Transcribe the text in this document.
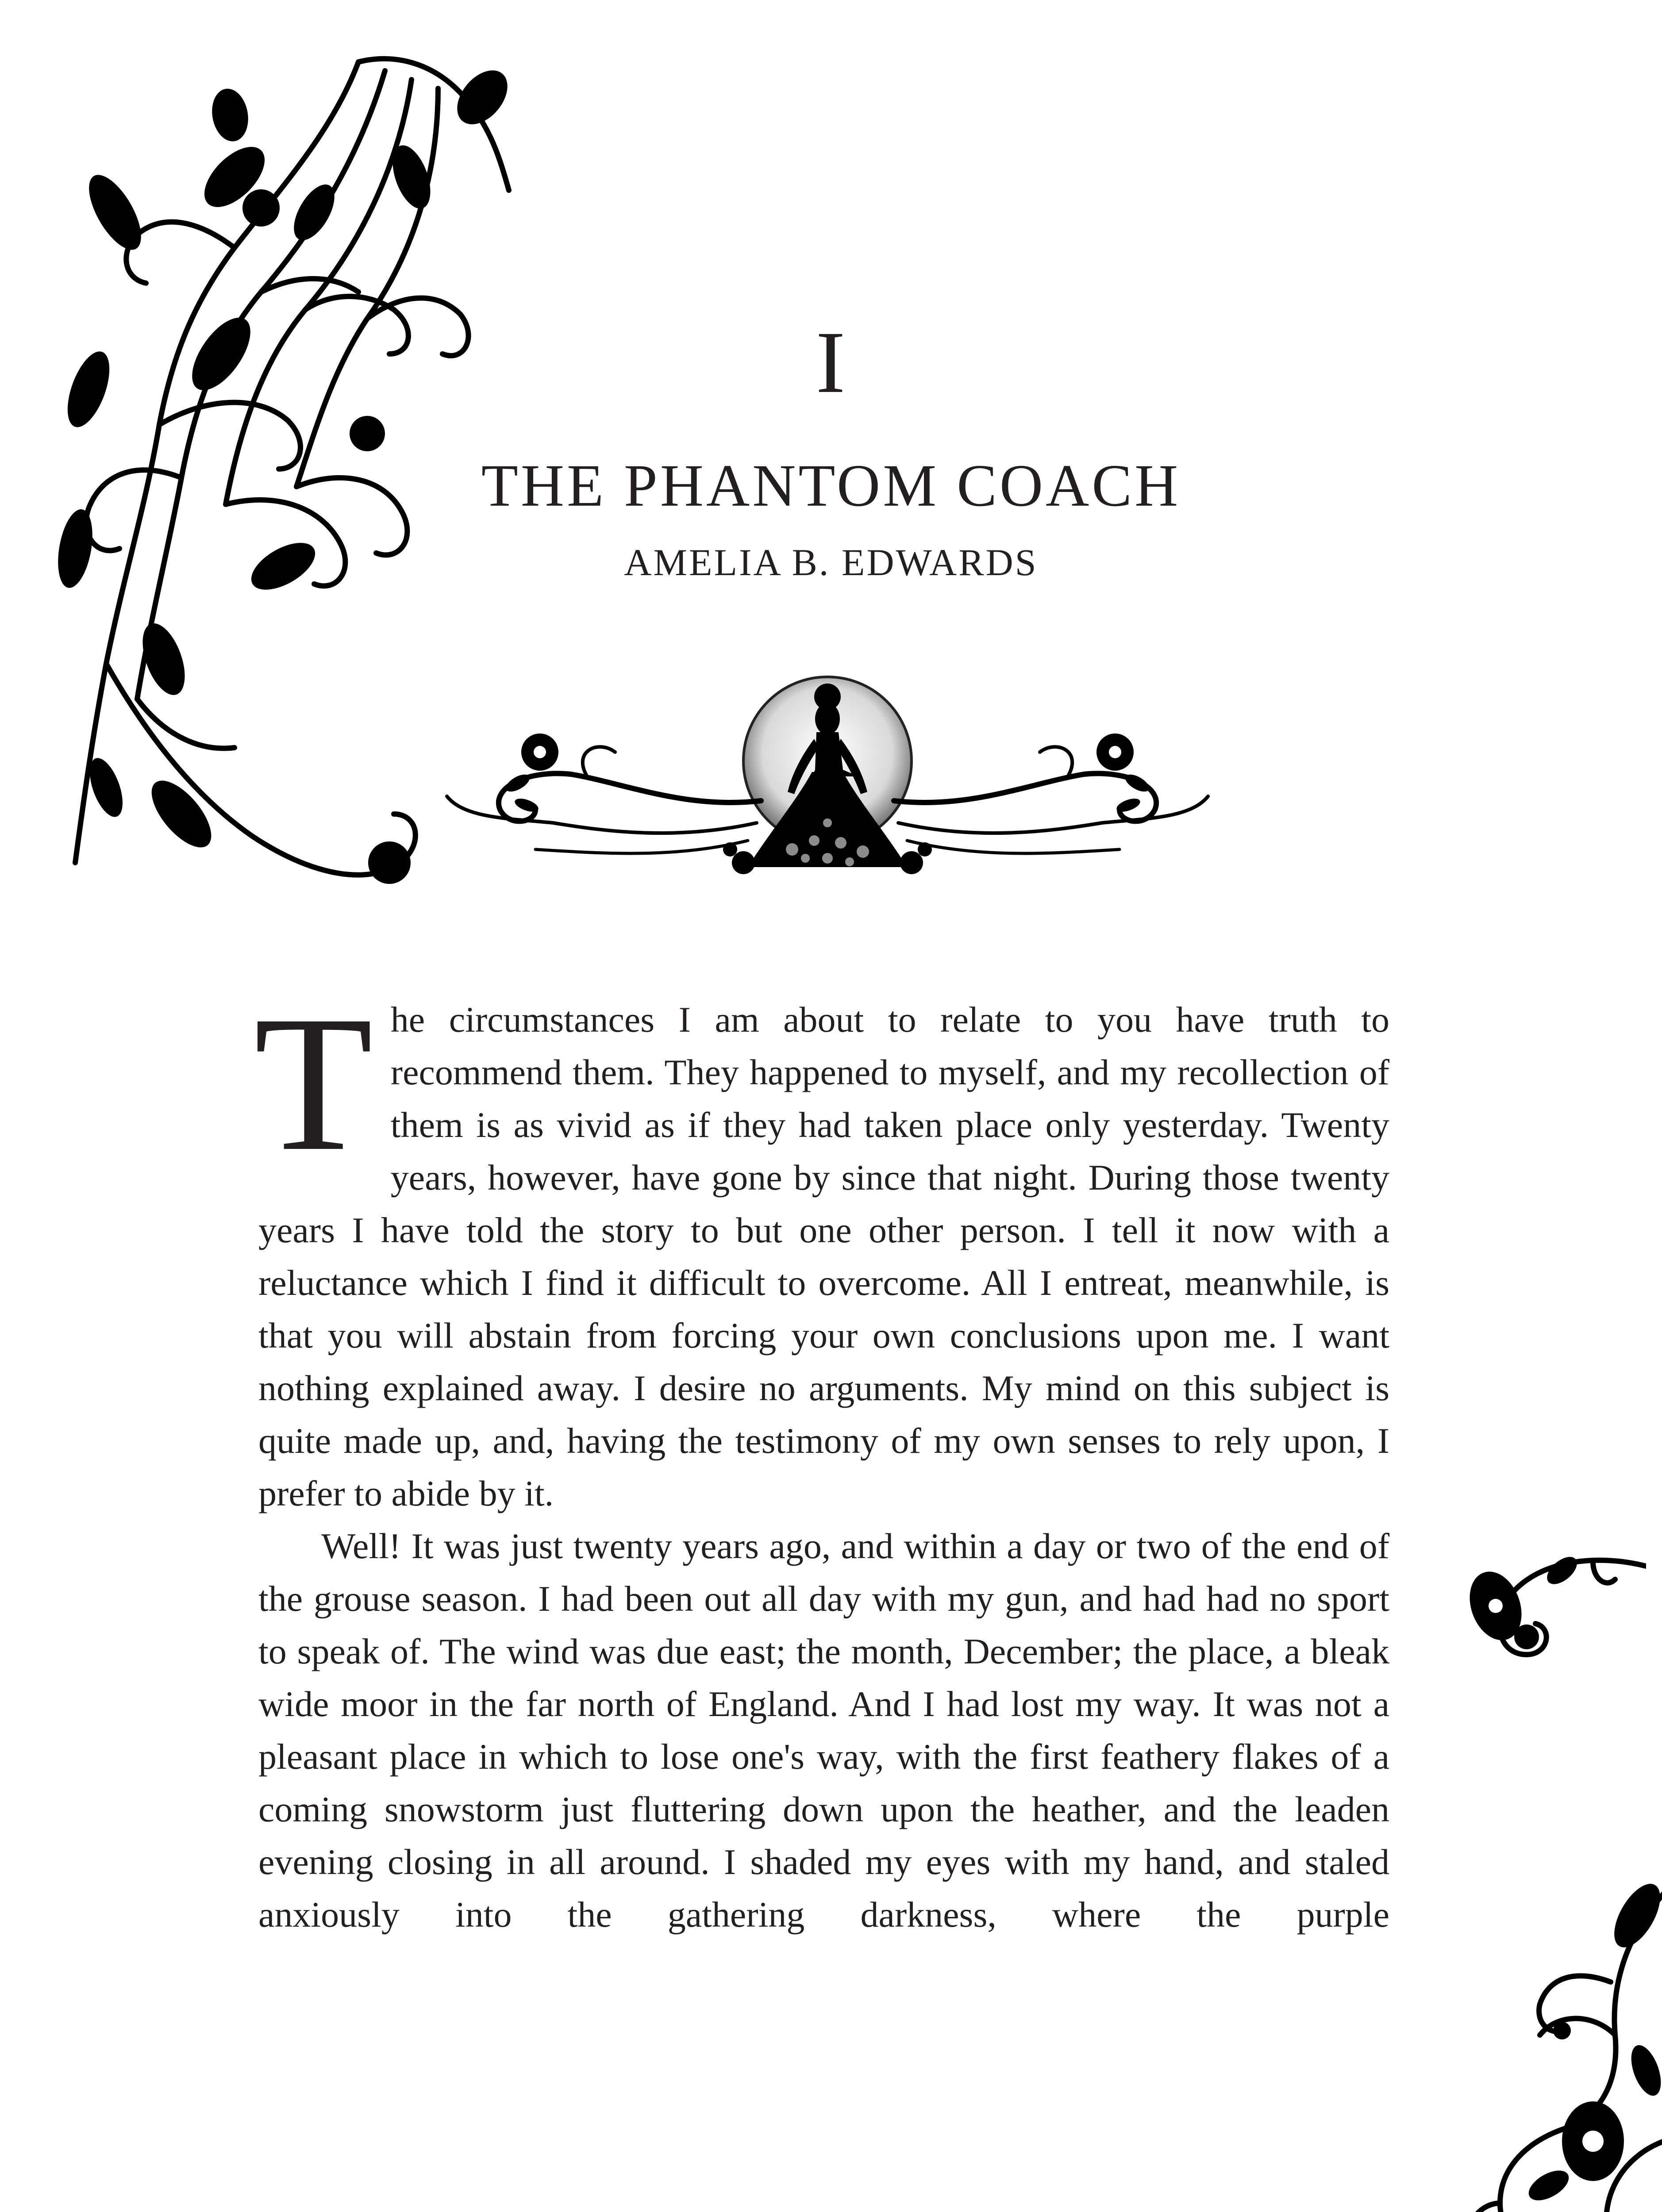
I
THE PHANTOM COACH
AMELIA B. EDWARDS

The circumstances I am about to relate to you have truth to recommend them. They happened to myself, and my recollection of them is as vivid as if they had taken place only yesterday. Twenty years, however, have gone by since that night. During those twenty years I have told the story to but one other person. I tell it now with a reluctance which I find it difficult to overcome. All I entreat, meanwhile, is that you will abstain from forcing your own conclusions upon me. I want nothing explained away. I desire no arguments. My mind on this subject is quite made up, and, having the testimony of my own senses to rely upon, I prefer to abide by it.

Well! It was just twenty years ago, and within a day or two of the end of the grouse season. I had been out all day with my gun, and had had no sport to speak of. The wind was due east; the month, December; the place, a bleak wide moor in the far north of England. And I had lost my way. It was not a pleasant place in which to lose one's way, with the first feathery flakes of a coming snowstorm just fluttering down upon the heather, and the leaden evening closing in all around. I shaded my eyes with my hand, and staled anxiously into the gathering darkness, where the purple
